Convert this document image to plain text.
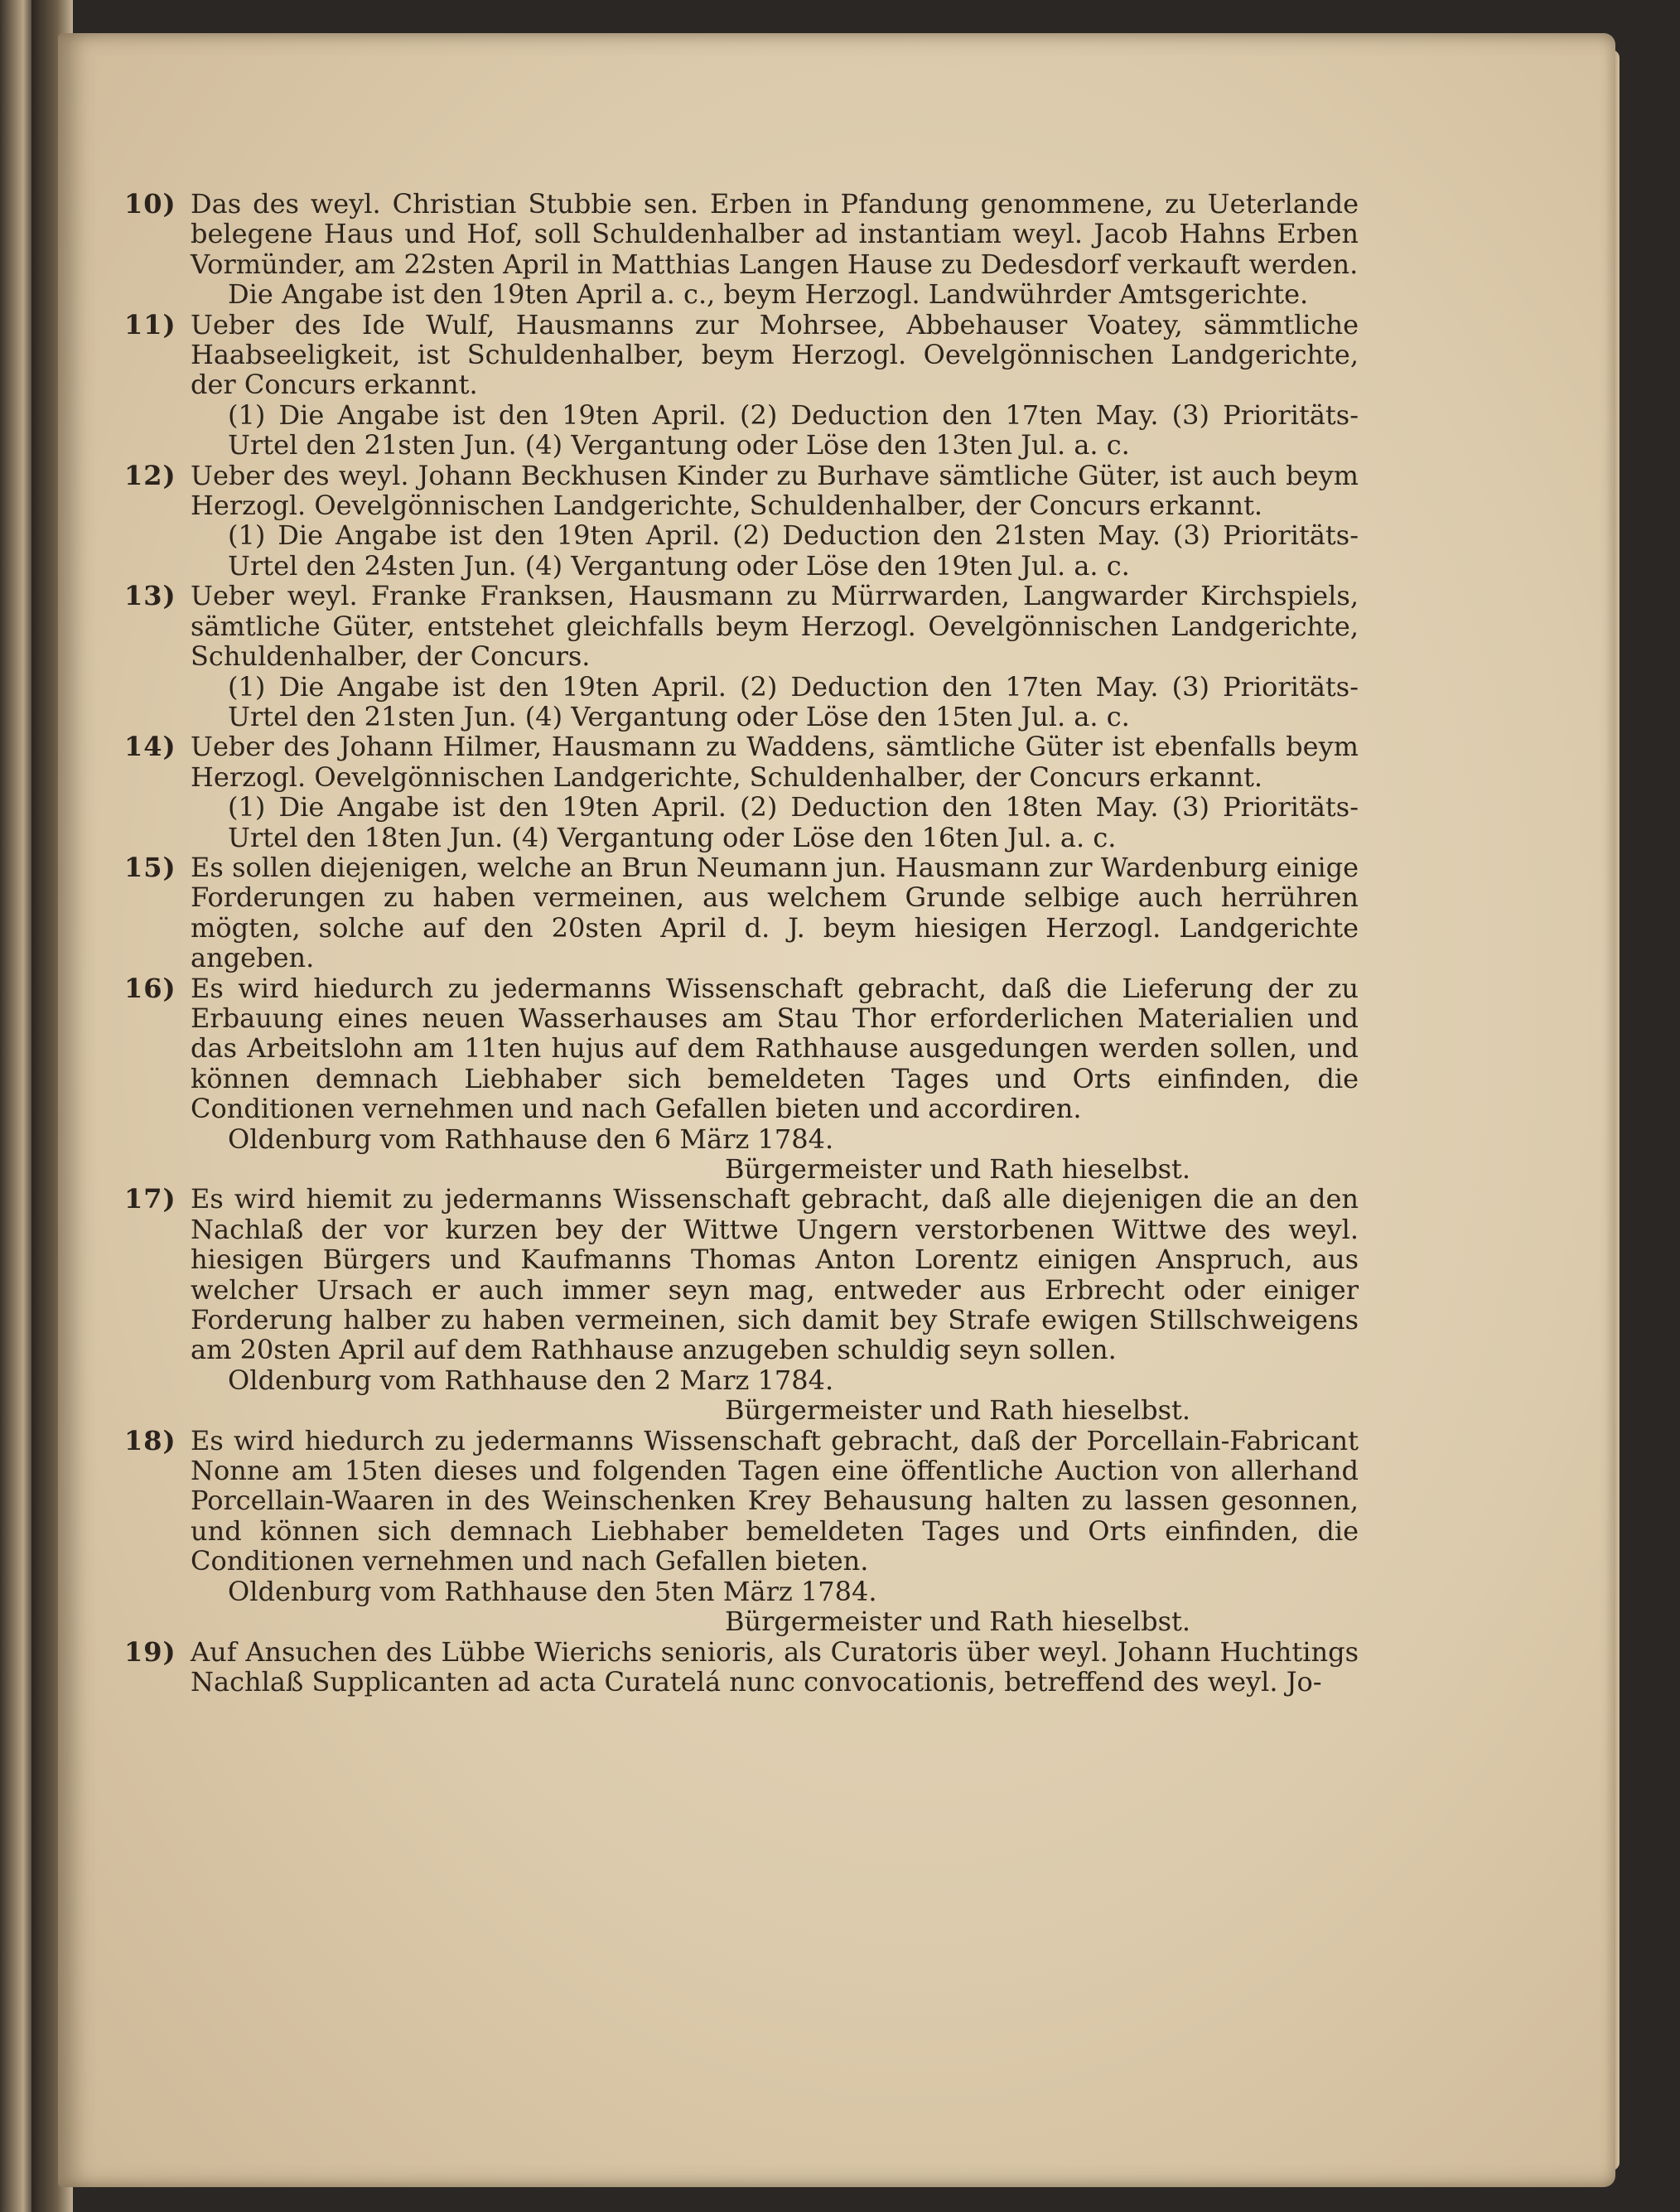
10) Das des weyl. Christian Stubbie sen. Erben in Pfandung genommene, zu Ueterlande belegene Haus und Hof, soll Schuldenhalber ad instantiam weyl. Jacob Hahns Erben Vormünder, am 22sten April in Matthias Langen Hause zu Dedesdorf verkauft werden.
Die Angabe ist den 19ten April a. c., beym Herzogl. Landwührder Amtsgerichte.
11) Ueber des Ide Wulf, Hausmanns zur Mohrsee, Abbehauser Voatey, sämmtliche Haabseeligkeit, ist Schuldenhalber, beym Herzogl. Oevelgönnischen Landgerichte, der Concurs erkannt.
(1) Die Angabe ist den 19ten April. (2) Deduction den 17ten May. (3) Prioritäts-Urtel den 21sten Jun. (4) Vergantung oder Löse den 13ten Jul. a. c.
12) Ueber des weyl. Johann Beckhusen Kinder zu Burhave sämtliche Güter, ist auch beym Herzogl. Oevelgönnischen Landgerichte, Schuldenhalber, der Concurs erkannt.
(1) Die Angabe ist den 19ten April. (2) Deduction den 21sten May. (3) Prioritäts-Urtel den 24sten Jun. (4) Vergantung oder Löse den 19ten Jul. a. c.
13) Ueber weyl. Franke Franksen, Hausmann zu Mürrwarden, Langwarder Kirchspiels, sämtliche Güter, entstehet gleichfalls beym Herzogl. Oevelgönnischen Landgerichte, Schuldenhalber, der Concurs.
(1) Die Angabe ist den 19ten April. (2) Deduction den 17ten May. (3) Prioritäts-Urtel den 21sten Jun. (4) Vergantung oder Löse den 15ten Jul. a. c.
14) Ueber des Johann Hilmer, Hausmann zu Waddens, sämtliche Güter ist ebenfalls beym Herzogl. Oevelgönnischen Landgerichte, Schuldenhalber, der Concurs erkannt.
(1) Die Angabe ist den 19ten April. (2) Deduction den 18ten May. (3) Prioritäts-Urtel den 18ten Jun. (4) Vergantung oder Löse den 16ten Jul. a. c.
15) Es sollen diejenigen, welche an Brun Neumann jun. Hausmann zur Wardenburg einige Forderungen zu haben vermeinen, aus welchem Grunde selbige auch herrühren mögten, solche auf den 20sten April d. J. beym hiesigen Herzogl. Landgerichte angeben.
16) Es wird hiedurch zu jedermanns Wissenschaft gebracht, daß die Lieferung der zu Erbauung eines neuen Wasserhauses am Stau Thor erforderlichen Materialien und das Arbeitslohn am 11ten hujus auf dem Rathhause ausgedungen werden sollen, und können demnach Liebhaber sich bemeldeten Tages und Orts einfinden, die Conditionen vernehmen und nach Gefallen bieten und accordiren.
Oldenburg vom Rathhause den 6 März 1784.
Bürgermeister und Rath hieselbst.
17) Es wird hiemit zu jedermanns Wissenschaft gebracht, daß alle diejenigen die an den Nachlaß der vor kurzen bey der Wittwe Ungern verstorbenen Wittwe des weyl. hiesigen Bürgers und Kaufmanns Thomas Anton Lorentz einigen Anspruch, aus welcher Ursach er auch immer seyn mag, entweder aus Erbrecht oder einiger Forderung halber zu haben vermeinen, sich damit bey Strafe ewigen Stillschweigens am 20sten April auf dem Rathhause anzugeben schuldig seyn sollen.
Oldenburg vom Rathhause den 2 Marz 1784.
Bürgermeister und Rath hieselbst.
18) Es wird hiedurch zu jedermanns Wissenschaft gebracht, daß der Porcellain-Fabricant Nonne am 15ten dieses und folgenden Tagen eine öffentliche Auction von allerhand Porcellain-Waaren in des Weinschenken Krey Behausung halten zu lassen gesonnen, und können sich demnach Liebhaber bemeldeten Tages und Orts einfinden, die Conditionen vernehmen und nach Gefallen bieten.
Oldenburg vom Rathhause den 5ten März 1784.
Bürgermeister und Rath hieselbst.
19) Auf Ansuchen des Lübbe Wierichs senioris, als Curatoris über weyl. Johann Huchtings Nachlaß Supplicanten ad acta Curatelá nunc convocationis, betreffend des weyl. Jo-
